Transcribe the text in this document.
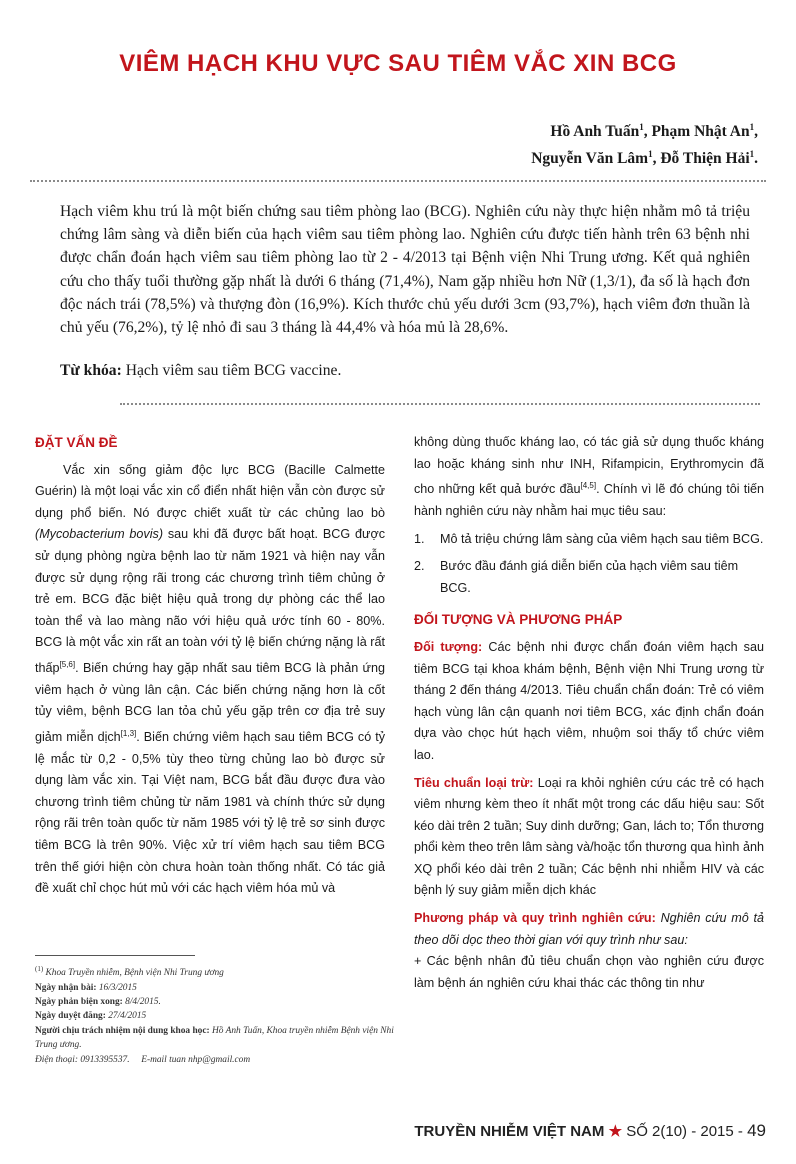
VIÊM HẠCH KHU VỰC SAU TIÊM VẮC XIN BCG
Hồ Anh Tuấn$^1$, Phạm Nhật An$^1$,
Nguyễn Văn Lâm$^1$, Đỗ Thiện Hải$^1$.

Hạch viêm khu trú là một biến chứng sau tiêm phòng lao (BCG). Nghiên cứu này thực hiện nhằm mô tả triệu chứng lâm sàng và diễn biến của hạch viêm sau tiêm phòng lao. Nghiên cứu được tiến hành trên 63 bệnh nhi được chẩn đoán hạch viêm sau tiêm phòng lao từ 2 - 4/2013 tại Bệnh viện Nhi Trung ương. Kết quả nghiên cứu cho thấy tuổi thường gặp nhất là dưới 6 tháng (71,4%), Nam gặp nhiều hơn Nữ (1,3/1), đa số là hạch đơn độc nách trái (78,5%) và thượng đòn (16,9%). Kích thước chủ yếu dưới 3cm (93,7%), hạch viêm đơn thuần là chủ yếu (76,2%), tỷ lệ nhỏ đi sau 3 tháng là 44,4% và hóa mủ là 28,6%.

Từ khóa: Hạch viêm sau tiêm BCG vaccine.

ĐẶT VẤN ĐỀ

Vắc xin sống giảm độc lực BCG (Bacille Calmette Guérin) là một loại vắc xin cổ điển nhất hiện vẫn còn được sử dụng phổ biến. Nó được chiết xuất từ các chủng lao bò (Mycobacterium bovis) sau khi đã được bất hoạt. BCG được sử dụng phòng ngừa bệnh lao từ năm 1921 và hiện nay vẫn được sử dụng rộng rãi trong các chương trình tiêm chủng ở trẻ em. BCG đặc biệt hiệu quả trong dự phòng các thể lao toàn thể và lao màng não với hiệu quả ước tính 60 - 80%. BCG là một vắc xin rất an toàn với tỷ lệ biến chứng nặng là rất thấp[5,6]. Biến chứng hay gặp nhất sau tiêm BCG là phản ứng viêm hạch ở vùng lân cận. Các biến chứng nặng hơn là cốt tủy viêm, bệnh BCG lan tỏa chủ yếu gặp trên cơ địa trẻ suy giảm miễn dịch[1,3]. Biến chứng viêm hạch sau tiêm BCG có tỷ lệ mắc từ 0,2 - 0,5% tùy theo từng chủng lao bò được sử dụng làm vắc xin. Tại Việt nam, BCG bắt đầu được đưa vào chương trình tiêm chủng từ năm 1981 và chính thức sử dụng rộng rãi trên toàn quốc từ năm 1985 với tỷ lệ trẻ sơ sinh được tiêm BCG là trên 90%. Việc xử trí viêm hạch sau tiêm BCG trên thế giới hiện còn chưa hoàn toàn thống nhất. Có tác giả đề xuất chỉ chọc hút mủ với các hạch viêm hóa mủ và

không dùng thuốc kháng lao, có tác giả sử dụng thuốc kháng lao hoặc kháng sinh như INH, Rifampicin, Erythromycin đã cho những kết quả bước đầu[4,5]. Chính vì lẽ đó chúng tôi tiến hành nghiên cứu này nhằm hai mục tiêu sau:

1.	Mô tả triệu chứng lâm sàng của viêm hạch sau tiêm BCG.
2.	Bước đầu đánh giá diễn biến của hạch viêm sau tiêm BCG.

ĐỐI TƯỢNG VÀ PHƯƠNG PHÁP

Đối tượng: Các bệnh nhi được chẩn đoán viêm hạch sau tiêm BCG tại khoa khám bệnh, Bệnh viện Nhi Trung ương từ tháng 2 đến tháng 4/2013. Tiêu chuẩn chẩn đoán: Trẻ có viêm hạch vùng lân cận quanh nơi tiêm BCG, xác định chẩn đoán dựa vào chọc hút hạch viêm, nhuộm soi thấy tổ chức viêm lao.

Tiêu chuẩn loại trừ: Loại ra khỏi nghiên cứu các trẻ có hạch viêm nhưng kèm theo ít nhất một trong các dấu hiệu sau: Sốt kéo dài trên 2 tuần; Suy dinh dưỡng; Gan, lách to; Tổn thương phổi kèm theo trên lâm sàng và/hoặc tổn thương qua hình ảnh XQ phổi kéo dài trên 2 tuần; Các bệnh nhi nhiễm HIV và các bệnh lý suy giảm miễn dịch khác

Phương pháp và quy trình nghiên cứu: Nghiên cứu mô tả theo dõi dọc theo thời gian với quy trình như sau:

+ Các bệnh nhân đủ tiêu chuẩn chọn vào nghiên cứu được làm bệnh án nghiên cứu khai thác các thông tin như

$^{(1)}$ Khoa Truyền nhiễm, Bệnh viện Nhi Trung ương
Ngày nhận bài: 16/3/2015
Ngày phản biện xong: 8/4/2015.
Ngày duyệt đăng: 27/4/2015
Người chịu trách nhiệm nội dung khoa học: Hồ Anh Tuấn, Khoa truyền nhiễm Bệnh viện Nhi Trung ương.
Điện thoại: 0913395537. E-mail tuan nhp@gmail.com
TRUYỀN NHIỄM VIỆT NAM ★ SỐ 2(10) - 2015 - 49
